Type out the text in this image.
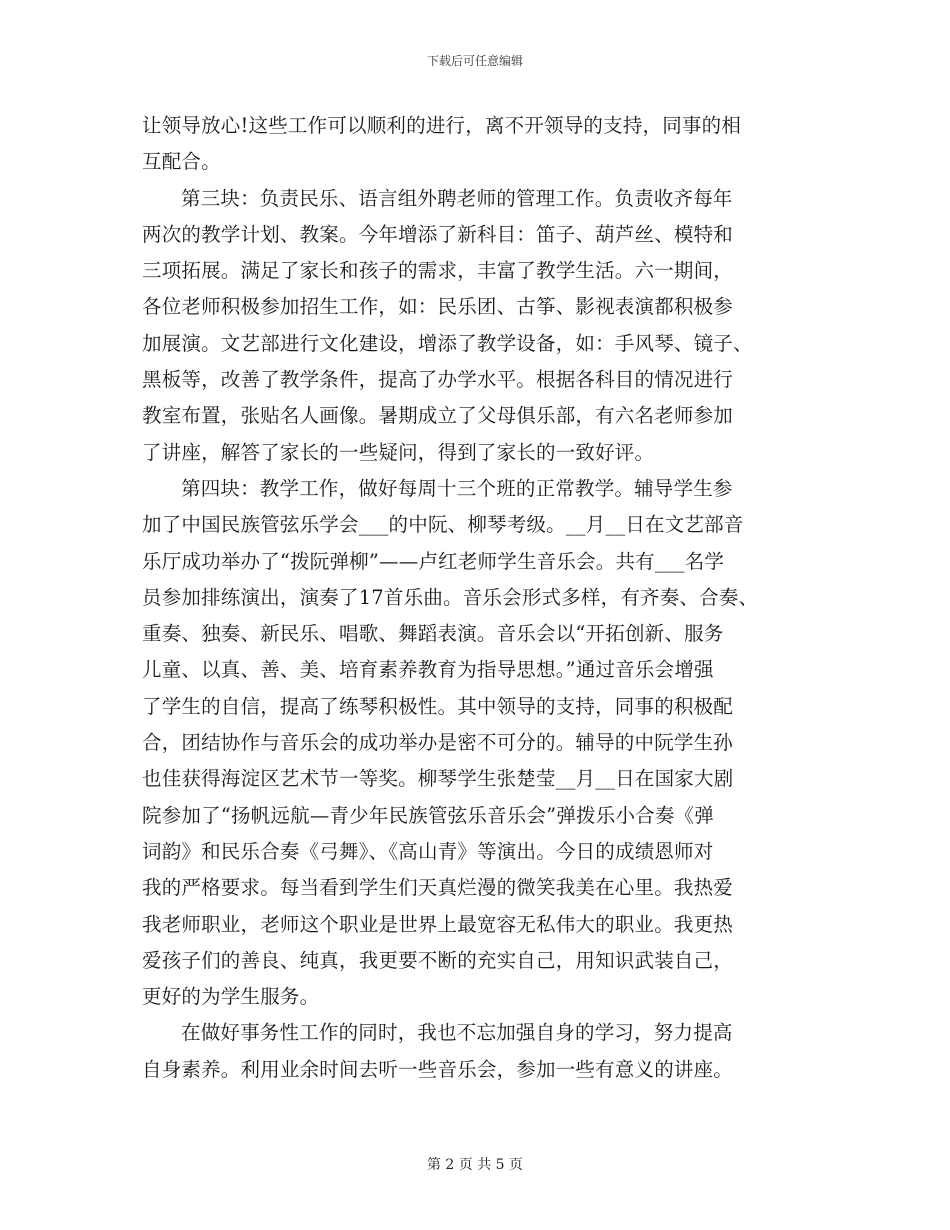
下载后可任意编辑
让领导放心!这些工作可以顺利的进行，离不开领导的支持，同事的相
互配合。
第三块：负责民乐、语言组外聘老师的管理工作。负责收齐每年
两次的教学计划、教案。今年增添了新科目：笛子、葫芦丝、模特和
三项拓展。满足了家长和孩子的需求，丰富了教学生活。六一期间，
各位老师积极参加招生工作，如：民乐团、古筝、影视表演都积极参
加展演。文艺部进行文化建设，增添了教学设备，如：手风琴、镜子、
黑板等，改善了教学条件，提高了办学水平。根据各科目的情况进行
教室布置，张贴名人画像。暑期成立了父母俱乐部，有六名老师参加
了讲座，解答了家长的一些疑问，得到了家长的一致好评。
第四块：教学工作，做好每周十三个班的正常教学。辅导学生参
加了中国民族管弦乐学会___的中阮、柳琴考级。__月__日在文艺部音
乐厅成功举办了“拨阮弹柳”——卢红老师学生音乐会。共有___名学
员参加排练演出，演奏了17首乐曲。音乐会形式多样，有齐奏、合奏、
重奏、独奏、新民乐、唱歌、舞蹈表演。音乐会以“开拓创新、服务
儿童、以真、善、美、培育素养教育为指导思想。”通过音乐会增强
了学生的自信，提高了练琴积极性。其中领导的支持，同事的积极配
合，团结协作与音乐会的成功举办是密不可分的。辅导的中阮学生孙
也佳获得海淀区艺术节一等奖。柳琴学生张楚莹__月__日在国家大剧
院参加了“扬帆远航—青少年民族管弦乐音乐会”弹拨乐小合奏《弹
词韵》和民乐合奏《弓舞》、《高山青》等演出。今日的成绩恩师对
我的严格要求。每当看到学生们天真烂漫的微笑我美在心里。我热爱
我老师职业，老师这个职业是世界上最宽容无私伟大的职业。我更热
爱孩子们的善良、纯真，我更要不断的充实自己，用知识武装自己，
更好的为学生服务。
在做好事务性工作的同时，我也不忘加强自身的学习，努力提高
自身素养。利用业余时间去听一些音乐会，参加一些有意义的讲座。
第 2 页 共 5 页
